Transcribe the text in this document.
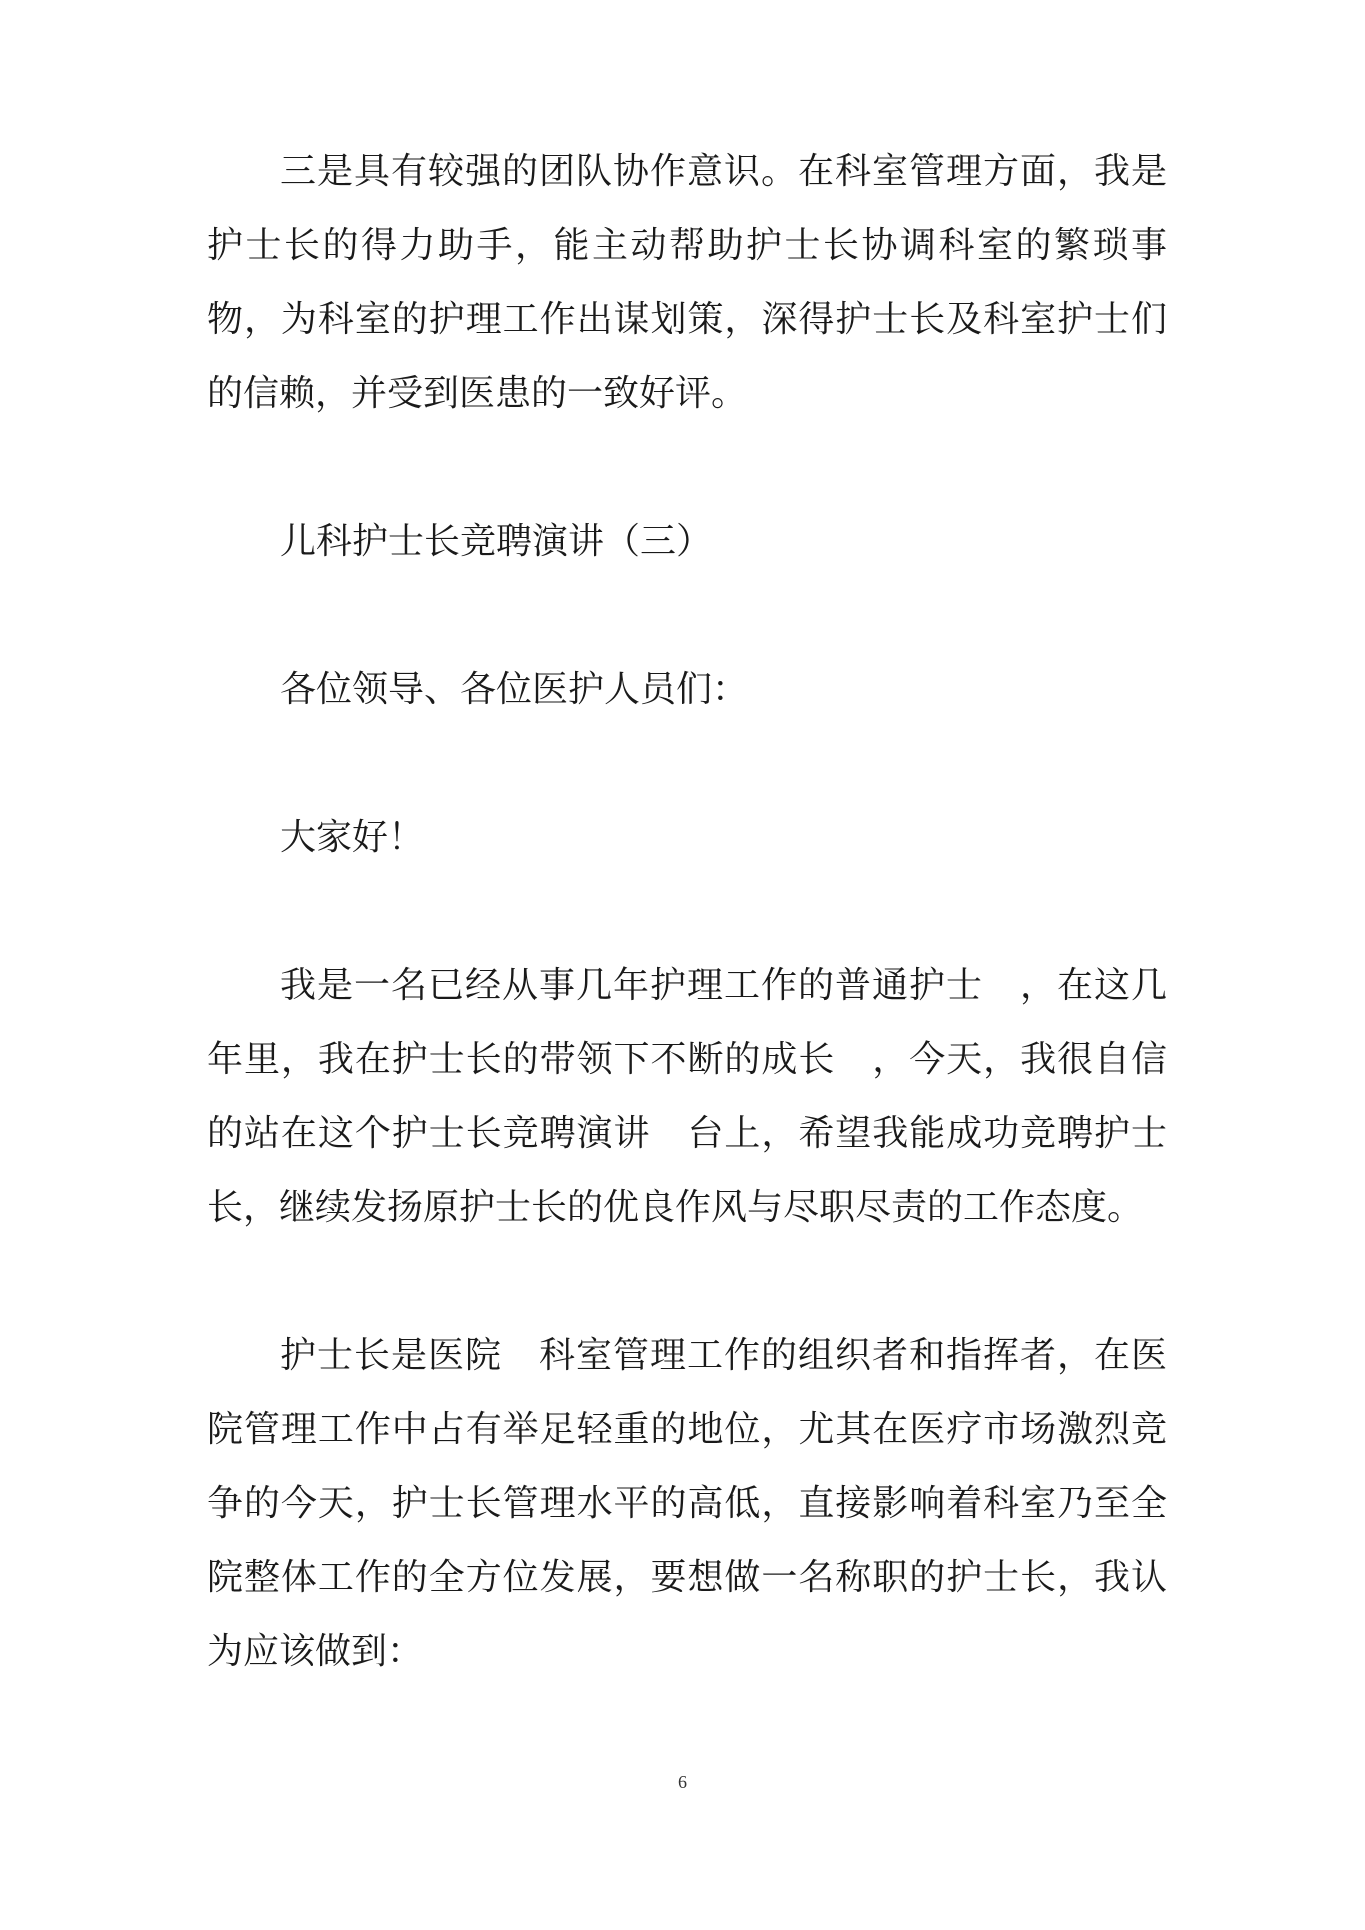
三是具有较强的团队协作意识。在科室管理方面，我是护士长的得力助手，能主动帮助护士长协调科室的繁琐事物，为科室的护理工作出谋划策，深得护士长及科室护士们的信赖，并受到医患的一致好评。

儿科护士长竞聘演讲（三）

各位领导、各位医护人员们：

大家好！

我是一名已经从事几年护理工作的普通护士　，在这几年里，我在护士长的带领下不断的成长　，今天，我很自信　的站在这个护士长竞聘演讲　台上，希望我能成功竞聘护士长，继续发扬原护士长的优良作风与尽职尽责的工作态度。

护士长是医院　科室管理工作的组织者和指挥者，在医院管理工作中占有举足轻重的地位，尤其在医疗市场激烈竞争的今天，护士长管理水平的高低，直接影响着科室乃至全院整体工作的全方位发展，要想做一名称职的护士长，我认为应该做到：

6
